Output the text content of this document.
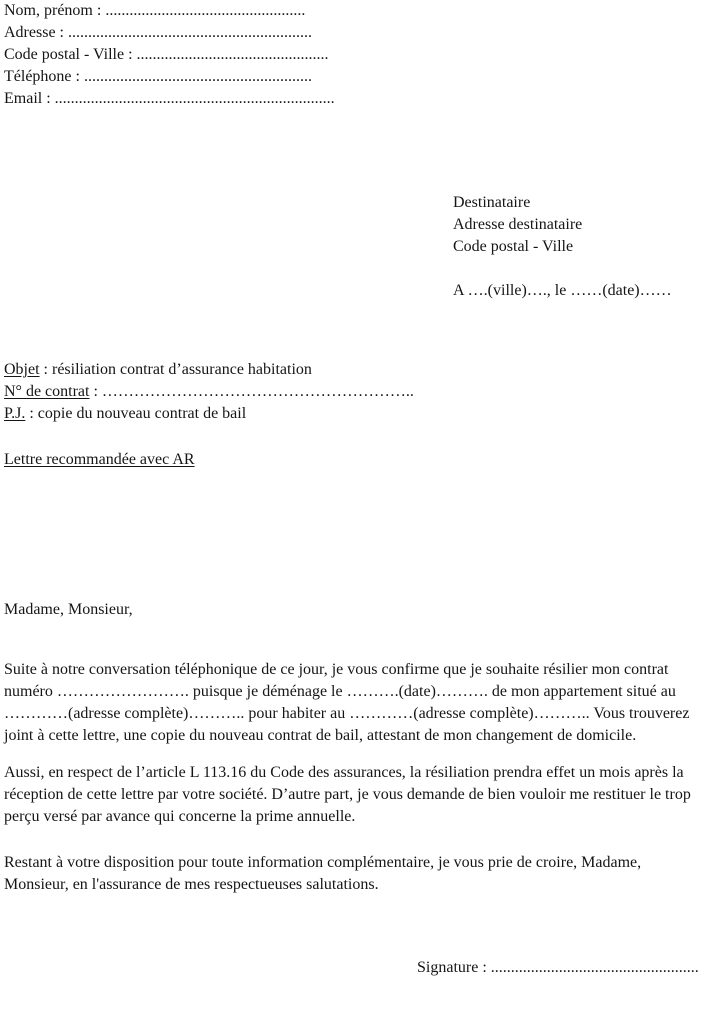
Nom, prénom : ..................................................
Adresse : .............................................................
Code postal - Ville : ................................................
Téléphone : .........................................................
Email : ......................................................................
Destinataire
Adresse destinataire
Code postal - Ville
A ….(ville)…., le ……(date)……
Objet : résiliation contrat d’assurance habitation
N° de contrat : …………………………………………………..
P.J. : copie du nouveau contrat de bail
Lettre recommandée avec AR
Madame, Monsieur,

Suite à notre conversation téléphonique de ce jour, je vous confirme que je souhaite résilier mon contrat numéro ……………………. puisque je déménage le ……….(date)………. de mon appartement situé au …………(adresse complète)……….. pour habiter au …………(adresse complète)……….. Vous trouverez joint à cette lettre, une copie du nouveau contrat de bail, attestant de mon changement de domicile.

Aussi, en respect de l’article L 113.16 du Code des assurances, la résiliation prendra effet un mois après la réception de cette lettre par votre société. D’autre part, je vous demande de bien vouloir me restituer le trop perçu versé par avance qui concerne la prime annuelle.

Restant à votre disposition pour toute information complémentaire, je vous prie de croire, Madame, Monsieur, en l'assurance de mes respectueuses salutations.

Signature : ....................................................
